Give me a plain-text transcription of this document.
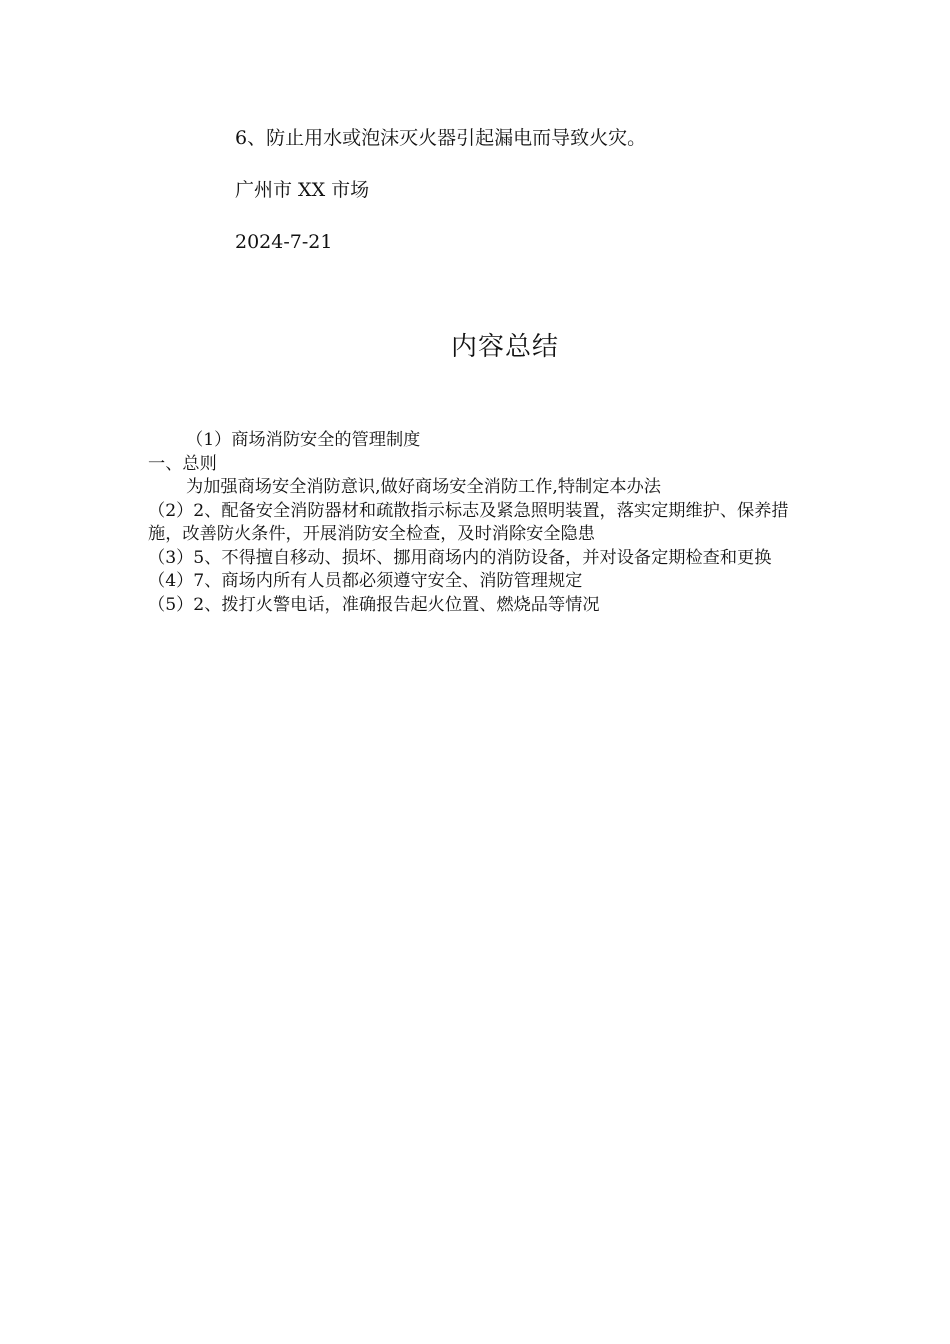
6、防止用水或泡沫灭火器引起漏电而导致火灾。

广州市 XX 市场

2024-7-21

内容总结

（1）商场消防安全的管理制度

一、总则

为加强商场安全消防意识,做好商场安全消防工作,特制定本办法

（2）2、配备安全消防器材和疏散指示标志及紧急照明装置，落实定期维护、保养措施，改善防火条件，开展消防安全检查，及时消除安全隐患

（3）5、不得擅自移动、损坏、挪用商场内的消防设备，并对设备定期检查和更换

（4）7、商场内所有人员都必须遵守安全、消防管理规定

（5）2、拨打火警电话，准确报告起火位置、燃烧品等情况
